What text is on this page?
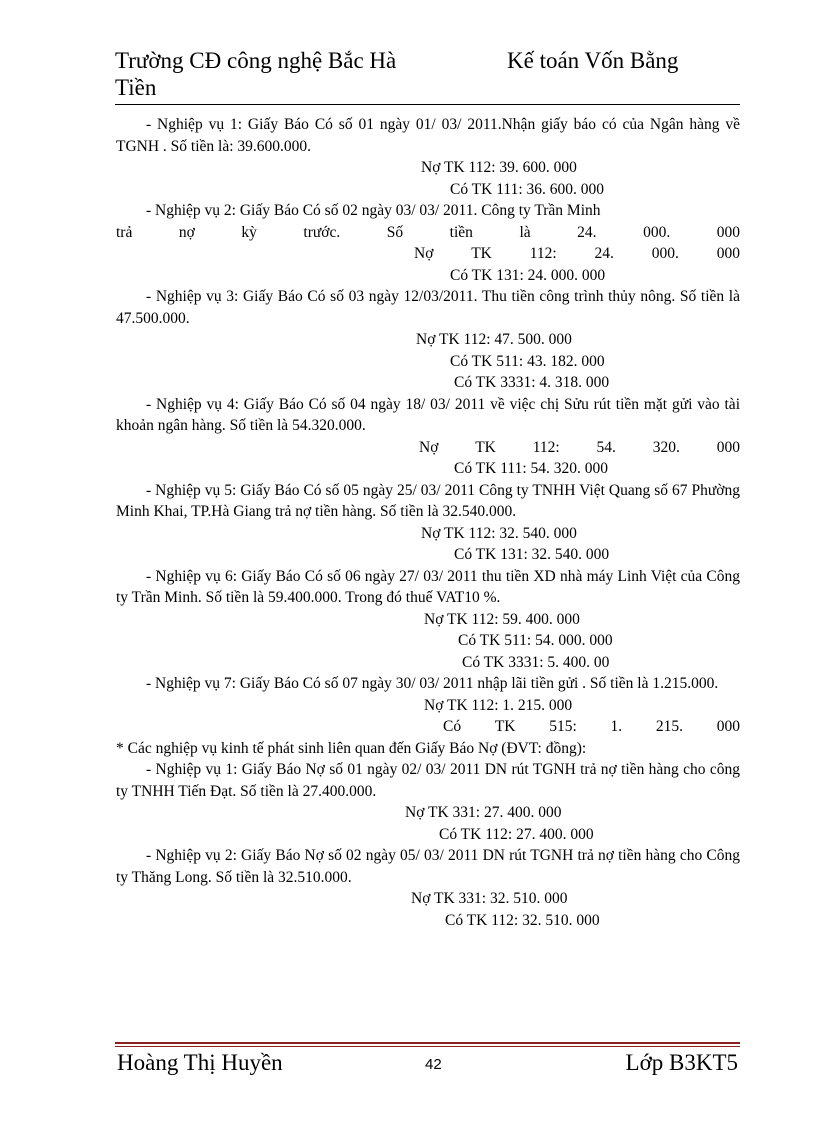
Trường CĐ công nghệ Bắc Hà	Kế toán Vốn Bằng
Tiền

- Nghiệp vụ 1: Giấy Báo Có số 01 ngày 01/ 03/ 2011.Nhận giấy báo có của Ngân hàng về TGNH . Số tiền là: 39.600.000.

Nợ TK 112: 39. 600. 000

Có TK 111: 36. 600. 000

- Nghiệp vụ 2: Giấy Báo Có số 02 ngày 03/ 03/ 2011. Công ty Trần Minh

trả	nợ	kỳ	trước.	Số	tiền	là	24.	000.	000

Nợ TK 112: 24. 000. 000

Có TK 131: 24. 000. 000

- Nghiệp vụ 3: Giấy Báo Có số 03 ngày 12/03/2011. Thu tiền công trình thủy nông. Số tiền là 47.500.000.

Nợ TK 112: 47. 500. 000

Có TK 511: 43. 182. 000

Có TK 3331: 4. 318. 000

- Nghiệp vụ 4: Giấy Báo Có số 04 ngày 18/ 03/ 2011 về việc chị Sửu rút tiền mặt gửi vào tài khoản ngân hàng. Số tiền là 54.320.000.

Nợ TK 112: 54. 320. 000

Có TK 111: 54. 320. 000

- Nghiệp vụ 5: Giấy Báo Có số 05 ngày 25/ 03/ 2011 Công ty TNHH Việt Quang số 67 Phường Minh Khai, TP.Hà Giang trả nợ tiền hàng. Số tiền là 32.540.000.

Nợ TK 112: 32. 540. 000

Có TK 131: 32. 540. 000

- Nghiệp vụ 6: Giấy Báo Có số 06 ngày 27/ 03/ 2011 thu tiền XD nhà máy Linh Việt của Công ty Trần Minh. Số tiền là 59.400.000. Trong đó thuế VAT10 %.

Nợ TK 112: 59. 400. 000

Có TK 511: 54. 000. 000

Có TK 3331: 5. 400. 00

- Nghiệp vụ 7: Giấy Báo Có số 07 ngày 30/ 03/ 2011 nhập lãi tiền gửi . Số tiền là 1.215.000.

Nợ TK 112: 1. 215. 000

Có TK 515: 1. 215. 000

* Các nghiệp vụ kinh tế phát sinh liên quan đến Giấy Báo Nợ (ĐVT: đồng):

- Nghiệp vụ 1: Giấy Báo Nợ số 01 ngày 02/ 03/ 2011 DN rút TGNH trả nợ tiền hàng cho công ty TNHH Tiến Đạt. Số tiền là 27.400.000.

Nợ TK 331: 27. 400. 000

Có TK 112: 27. 400. 000

- Nghiệp vụ 2: Giấy Báo Nợ số 02 ngày 05/ 03/ 2011 DN rút TGNH trả nợ tiền hàng cho Công ty Thăng Long. Số tiền là 32.510.000.

Nợ TK 331: 32. 510. 000

Có TK 112: 32. 510. 000

Hoàng Thị Huyền	42	Lớp B3KT5
